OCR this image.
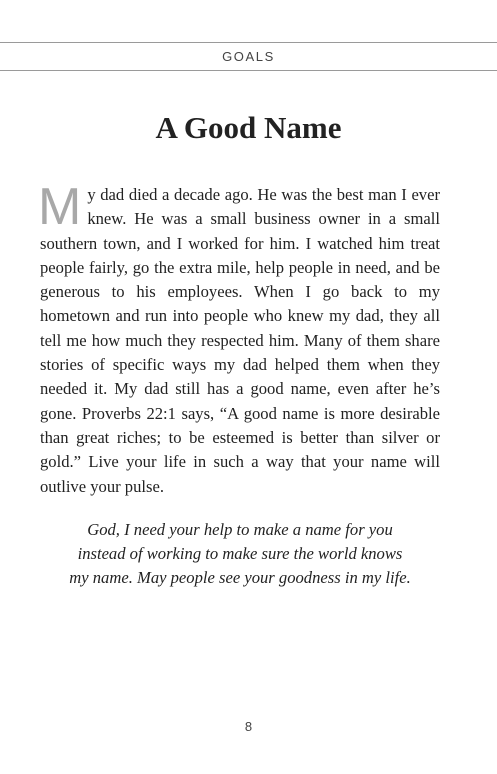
GOALS
A Good Name

My dad died a decade ago. He was the best man I ever knew. He was a small business owner in a small southern town, and I worked for him. I watched him treat people fairly, go the extra mile, help people in need, and be generous to his employees. When I go back to my hometown and run into people who knew my dad, they all tell me how much they respected him. Many of them share stories of specific ways my dad helped them when they needed it. My dad still has a good name, even after he’s gone. Proverbs 22:1 says, “A good name is more desirable than great riches; to be esteemed is better than silver or gold.” Live your life in such a way that your name will outlive your pulse.

God, I need your help to make a name for you
instead of working to make sure the world knows
my name. May people see your goodness in my life.

8
